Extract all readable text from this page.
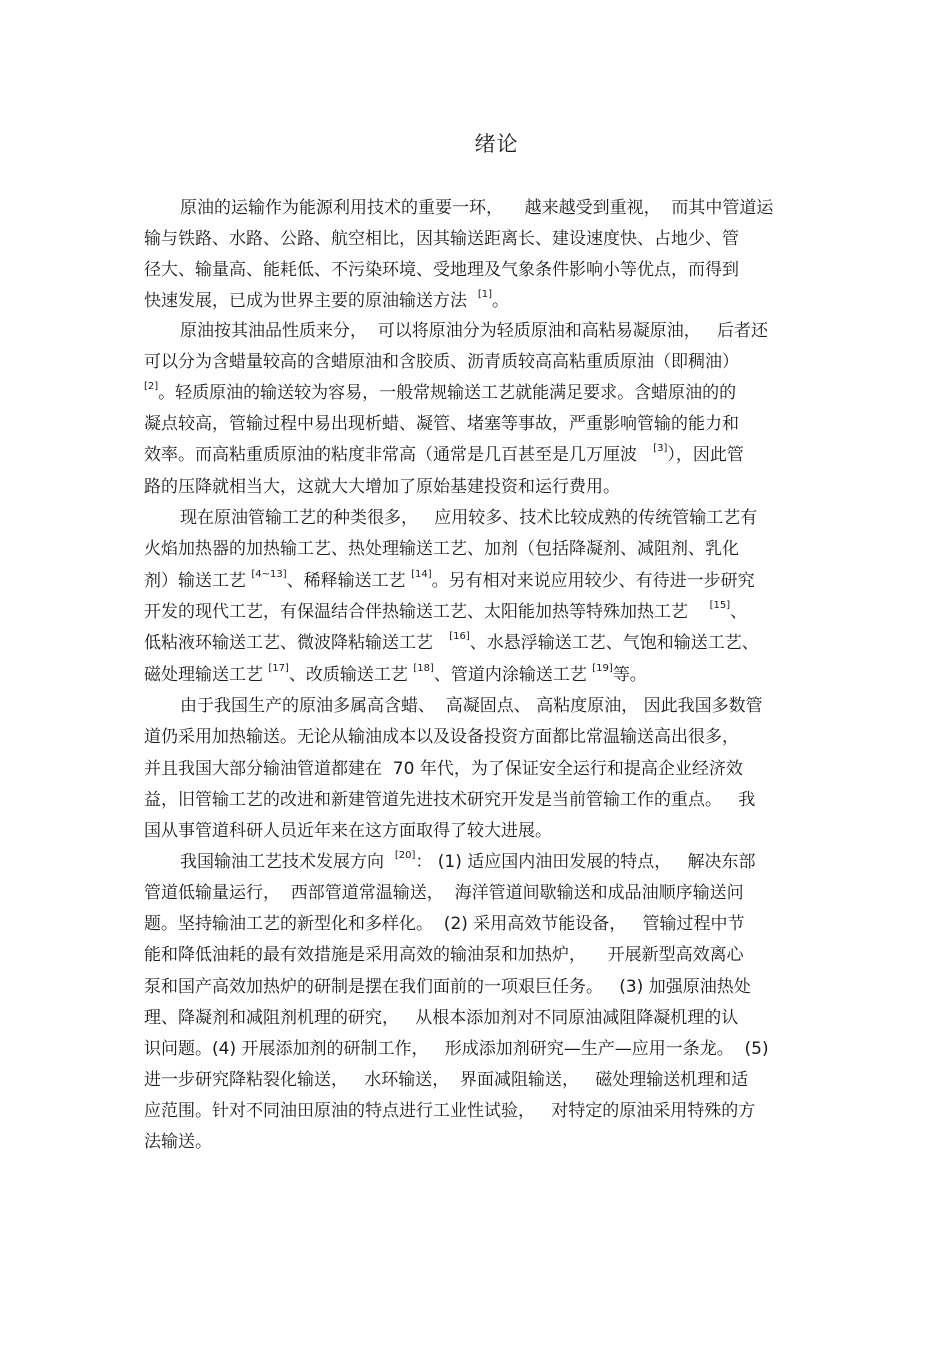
绪论
原油的运输作为能源利用技术的重要一环，    越来越受到重视，  而其中管道运
输与铁路、水路、公路、航空相比，因其输送距离长、建设速度快、占地少、管
径大、输量高、能耗低、不污染环境、受地理及气象条件影响小等优点，而得到
快速发展，已成为世界主要的原油输送方法  [1]。
原油按其油品性质来分，  可以将原油分为轻质原油和高粘易凝原油，   后者还
可以分为含蜡量较高的含蜡原油和含胶质、沥青质较高高粘重质原油（即稠油）
[2]。轻质原油的输送较为容易，一般常规输送工艺就能满足要求。含蜡原油的的
凝点较高，管输过程中易出现析蜡、凝管、堵塞等事故，严重影响管输的能力和
效率。而高粘重质原油的粘度非常高（通常是几百甚至是几万厘波   [3]），因此管
路的压降就相当大，这就大大增加了原始基建投资和运行费用。
现在原油管输工艺的种类很多，   应用较多、技术比较成熟的传统管输工艺有
火焰加热器的加热输工艺、热处理输送工艺、加剂（包括降凝剂、减阻剂、乳化
剂）输送工艺 [4~13]、稀释输送工艺 [14]。另有相对来说应用较少、有待进一步研究
开发的现代工艺，有保温结合伴热输送工艺、太阳能加热等特殊加热工艺    [15]、
低粘液环输送工艺、微波降粘输送工艺   [16]、水悬浮输送工艺、气饱和输送工艺、
磁处理输送工艺 [17]、改质输送工艺 [18]、管道内涂输送工艺 [19]等。
由于我国生产的原油多属高含蜡、  高凝固点、 高粘度原油， 因此我国多数管
道仍采用加热输送。无论从输油成本以及设备投资方面都比常温输送高出很多，
并且我国大部分输油管道都建在  70 年代，为了保证安全运行和提高企业经济效
益，旧管输工艺的改进和新建管道先进技术研究开发是当前管输工作的重点。   我
国从事管道科研人员近年来在这方面取得了较大进展。
我国输油工艺技术发展方向  [20]： (1) 适应国内油田发展的特点，   解决东部
管道低输量运行，  西部管道常温输送，  海洋管道间歇输送和成品油顺序输送问
题。坚持输油工艺的新型化和多样化。  (2) 采用高效节能设备，   管输过程中节
能和降低油耗的最有效措施是采用高效的输油泵和加热炉，    开展新型高效离心
泵和国产高效加热炉的研制是摆在我们面前的一项艰巨任务。   (3) 加强原油热处
理、降凝剂和减阻剂机理的研究，   从根本添加剂对不同原油减阻降凝机理的认
识问题。(4) 开展添加剂的研制工作，   形成添加剂研究—生产—应用一条龙。  (5)
进一步研究降粘裂化输送，   水环输送，  界面减阻输送，   磁处理输送机理和适
应范围。针对不同油田原油的特点进行工业性试验，   对特定的原油采用特殊的方
法输送。
